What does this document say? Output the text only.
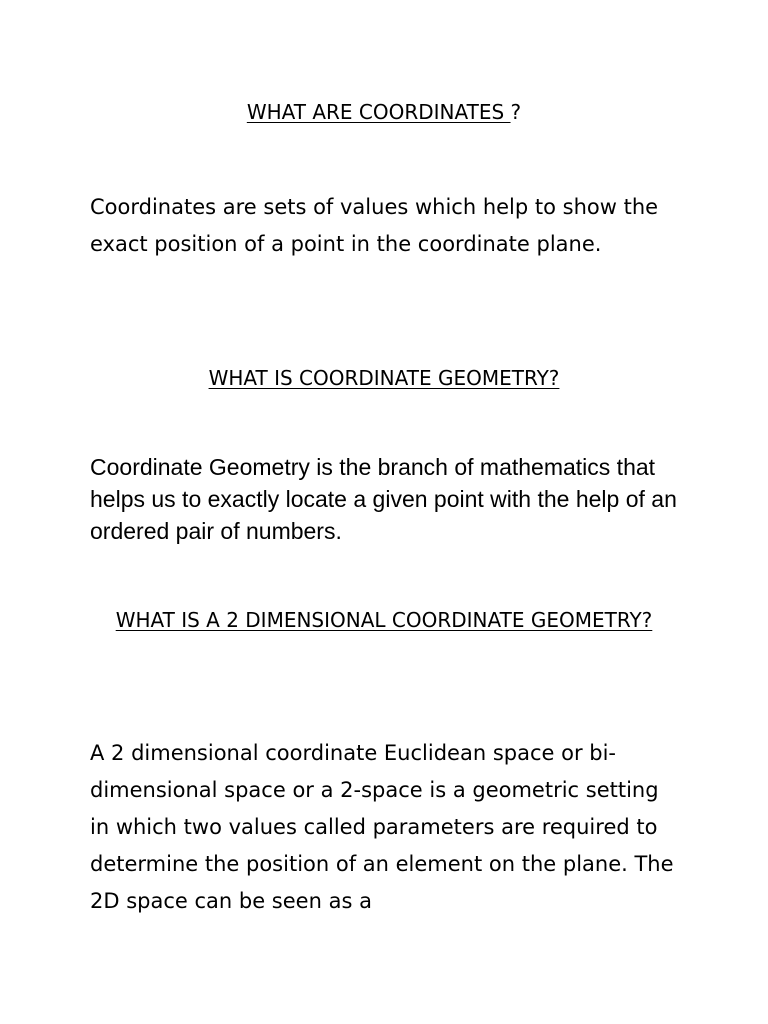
WHAT ARE COORDINATES ?
Coordinates are sets of values which help to show the exact position of a point in the coordinate plane.
WHAT IS COORDINATE GEOMETRY?
Coordinate Geometry is the branch of mathematics that helps us to exactly locate a given point with the help of an ordered pair of numbers.
WHAT IS A 2 DIMENSIONAL COORDINATE GEOMETRY?
A 2 dimensional coordinate Euclidean space or bi-dimensional space or a 2-space is a geometric setting in which two values called parameters are required to determine the position of an element on the plane. The 2D space can be seen as a
